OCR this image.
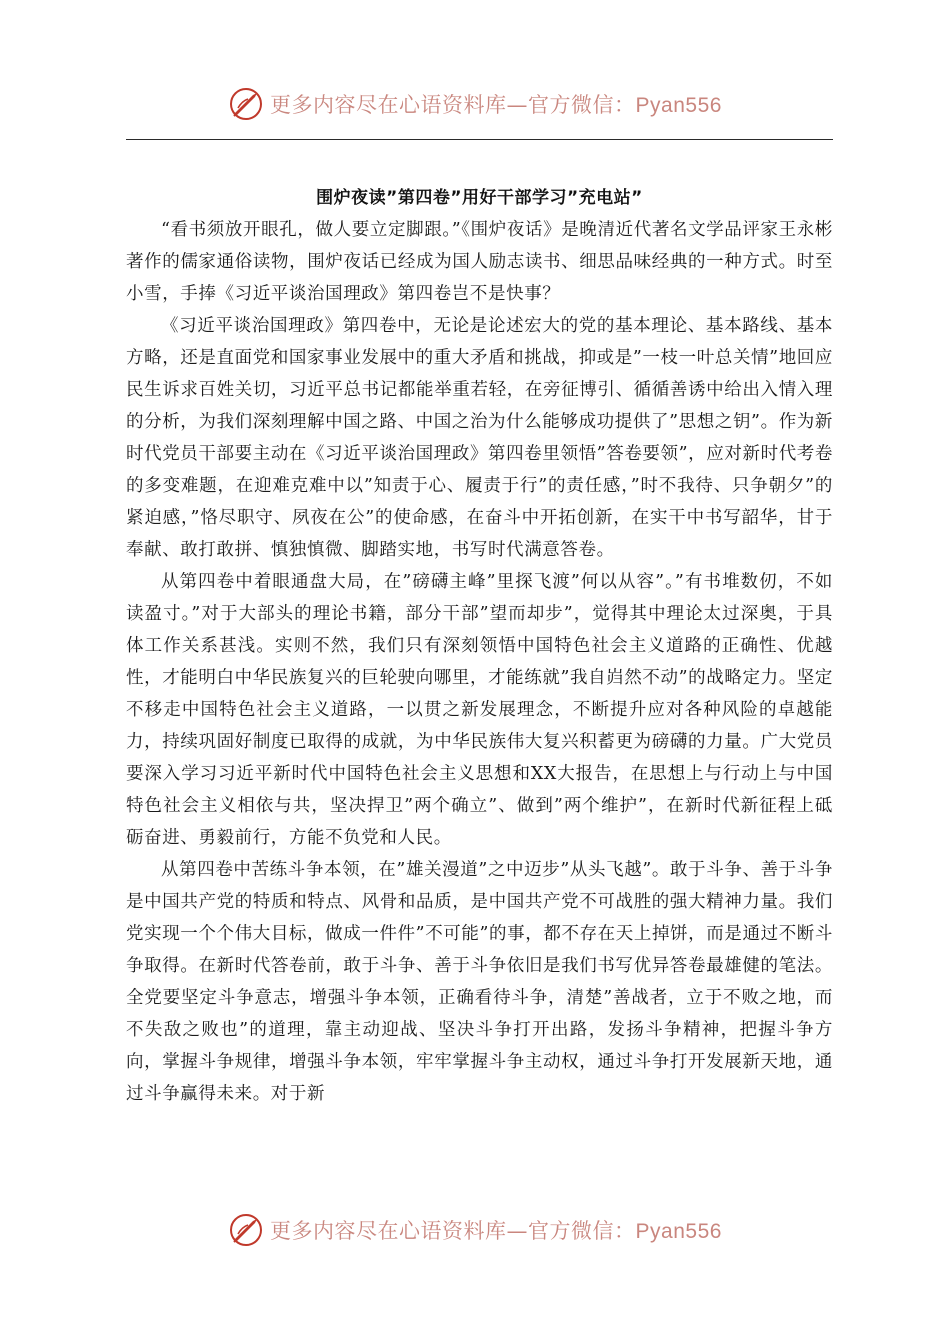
更多内容尽在心语资料库—官方微信：Pyan556
围炉夜读”第四卷”用好干部学习”充电站”

“看书须放开眼孔，做人要立定脚跟。”《围炉夜话》是晚清近代著名文学品评家王永彬著作的儒家通俗读物，围炉夜话已经成为国人励志读书、细思品味经典的一种方式。时至小雪，手捧《习近平谈治国理政》第四卷岂不是快事？

《习近平谈治国理政》第四卷中，无论是论述宏大的党的基本理论、基本路线、基本方略，还是直面党和国家事业发展中的重大矛盾和挑战，抑或是”一枝一叶总关情”地回应民生诉求百姓关切，习近平总书记都能举重若轻，在旁征博引、循循善诱中给出入情入理的分析，为我们深刻理解中国之路、中国之治为什么能够成功提供了”思想之钥”。作为新时代党员干部要主动在《习近平谈治国理政》第四卷里领悟”答卷要领”，应对新时代考卷的多变难题，在迎难克难中以”知责于心、履责于行”的责任感，”时不我待、只争朝夕”的紧迫感，”恪尽职守、夙夜在公”的使命感，在奋斗中开拓创新，在实干中书写韶华，甘于奉献、敢打敢拼、慎独慎微、脚踏实地，书写时代满意答卷。

从第四卷中着眼通盘大局，在”磅礴主峰”里探飞渡”何以从容”。”有书堆数仞，不如读盈寸。”对于大部头的理论书籍，部分干部”望而却步”，觉得其中理论太过深奥，于具体工作关系甚浅。实则不然，我们只有深刻领悟中国特色社会主义道路的正确性、优越性，才能明白中华民族复兴的巨轮驶向哪里，才能练就”我自岿然不动”的战略定力。坚定不移走中国特色社会主义道路，一以贯之新发展理念，不断提升应对各种风险的卓越能力，持续巩固好制度已取得的成就，为中华民族伟大复兴积蓄更为磅礴的力量。广大党员要深入学习习近平新时代中国特色社会主义思想和XX大报告，在思想上与行动上与中国特色社会主义相依与共，坚决捍卫”两个确立”、做到”两个维护”，在新时代新征程上砥砺奋进、勇毅前行，方能不负党和人民。

从第四卷中苦练斗争本领，在”雄关漫道”之中迈步”从头飞越”。敢于斗争、善于斗争是中国共产党的特质和特点、风骨和品质，是中国共产党不可战胜的强大精神力量。我们党实现一个个伟大目标，做成一件件”不可能”的事，都不存在天上掉饼，而是通过不断斗争取得。在新时代答卷前，敢于斗争、善于斗争依旧是我们书写优异答卷最雄健的笔法。全党要坚定斗争意志，增强斗争本领，正确看待斗争，清楚”善战者，立于不败之地，而不失敌之败也”的道理，靠主动迎战、坚决斗争打开出路，发扬斗争精神，把握斗争方向，掌握斗争规律，增强斗争本领，牢牢掌握斗争主动权，通过斗争打开发展新天地，通过斗争赢得未来。对于新

更多内容尽在心语资料库—官方微信：Pyan556
